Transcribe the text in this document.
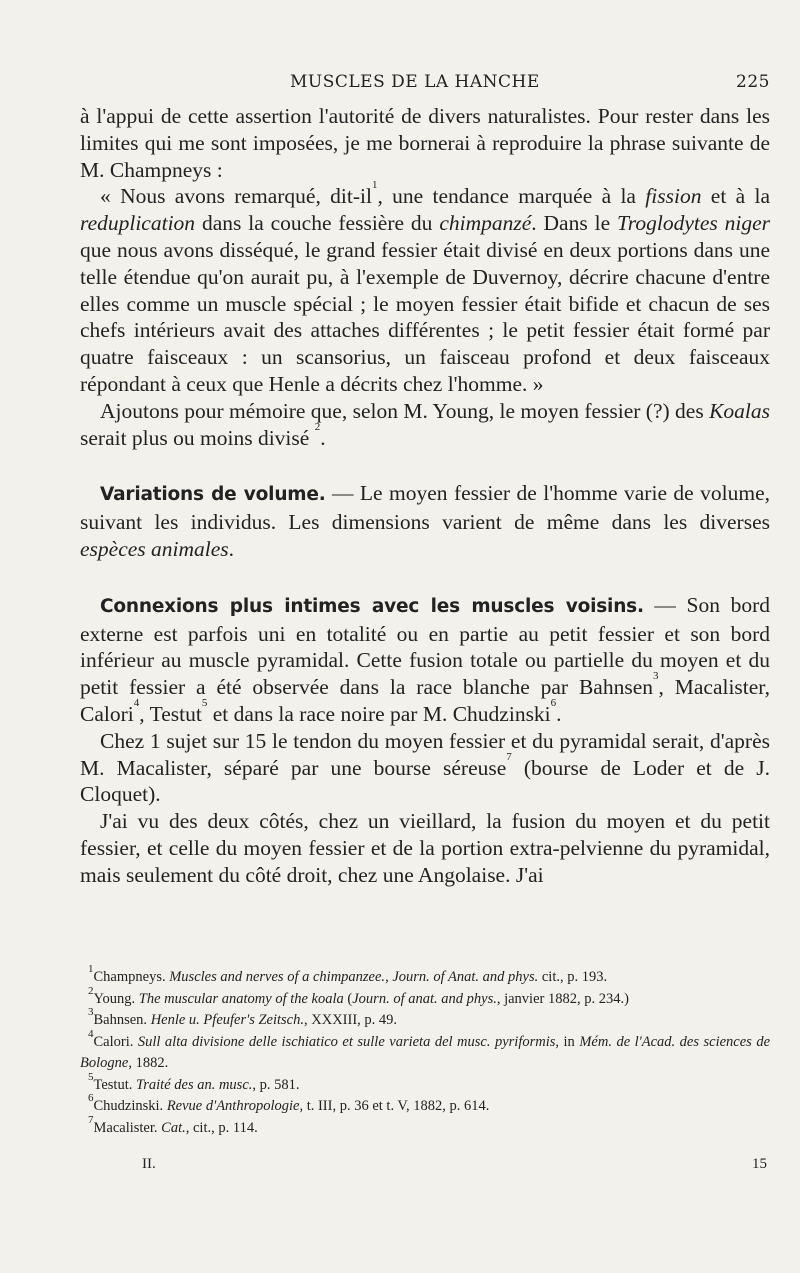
MUSCLES DE LA HANCHE	225

à l'appui de cette assertion l'autorité de divers naturalistes. Pour rester dans les limites qui me sont imposées, je me bornerai à reproduire la phrase suivante de M. Champneys :

« Nous avons remarqué, dit-$il^1$, une tendance marquée à la fission et à la reduplication dans la couche fessière du chimpanzé. Dans le Troglodytes niger que nous avons disséqué, le grand fessier était divisé en deux portions dans une telle étendue qu'on aurait pu, à l'exemple de Duvernoy, décrire chacune d'entre elles comme un muscle spécial ; le moyen fessier était bifide et chacun de ses chefs intérieurs avait des attaches différentes ; le petit fessier était formé par quatre faisceaux : un scansorius, un faisceau profond et deux faisceaux répondant à ceux que Henle a décrits chez l'homme. »

Ajoutons pour mémoire que, selon M. Young, le moyen fessier (?) des Koalas serait plus ou moins divisé $^2$.

Variations de volume. — Le moyen fessier de l'homme varie de volume, suivant les individus. Les dimensions varient de même dans les diverses espèces animales.

Connexions plus intimes avec les muscles voisins. — Son bord externe est parfois uni en totalité ou en partie au petit fessier et son bord inférieur au muscle pyramidal. Cette fusion totale ou partielle du moyen et du petit fessier a été observée dans la race blanche par Bahnsen$^3$, Macalister, Calori$^4$, Testut$^5$ et dans la race noire par M. Chudzinski$^6$.

Chez 1 sujet sur 15 le tendon du moyen fessier et du pyramidal serait, d'après M. Macalister, séparé par une bourse séreuse$^7$ (bourse de Loder et de J. Cloquet).

J'ai vu des deux côtés, chez un vieillard, la fusion du moyen et du petit fessier, et celle du moyen fessier et de la portion extra-pelvienne du pyramidal, mais seulement du côté droit, chez une Angolaise. J'ai

$^1$Champneys. Muscles and nerves of a chimpanzee., Journ. of Anat. and phys. cit., p. 193.

$^2$Young. The muscular anatomy of the koala (Journ. of anat. and phys., janvier 1882, p. 234.)

$^3$Bahnsen. Henle u. Pfeufer's Zeitsch., XXXIII, p. 49.

$^4$Calori. Sull alta divisione delle ischiatico et sulle varieta del musc. pyriformis, in Mém. de l'Acad. des sciences de Bologne, 1882.

$^5$Testut. Traité des an. musc., p. 581.

$^6$Chudzinski. Revue d'Anthropologie, t. III, p. 36 et t. V, 1882, p. 614.

$^7$Macalister. Cat., cit., p. 114.

II.	15
